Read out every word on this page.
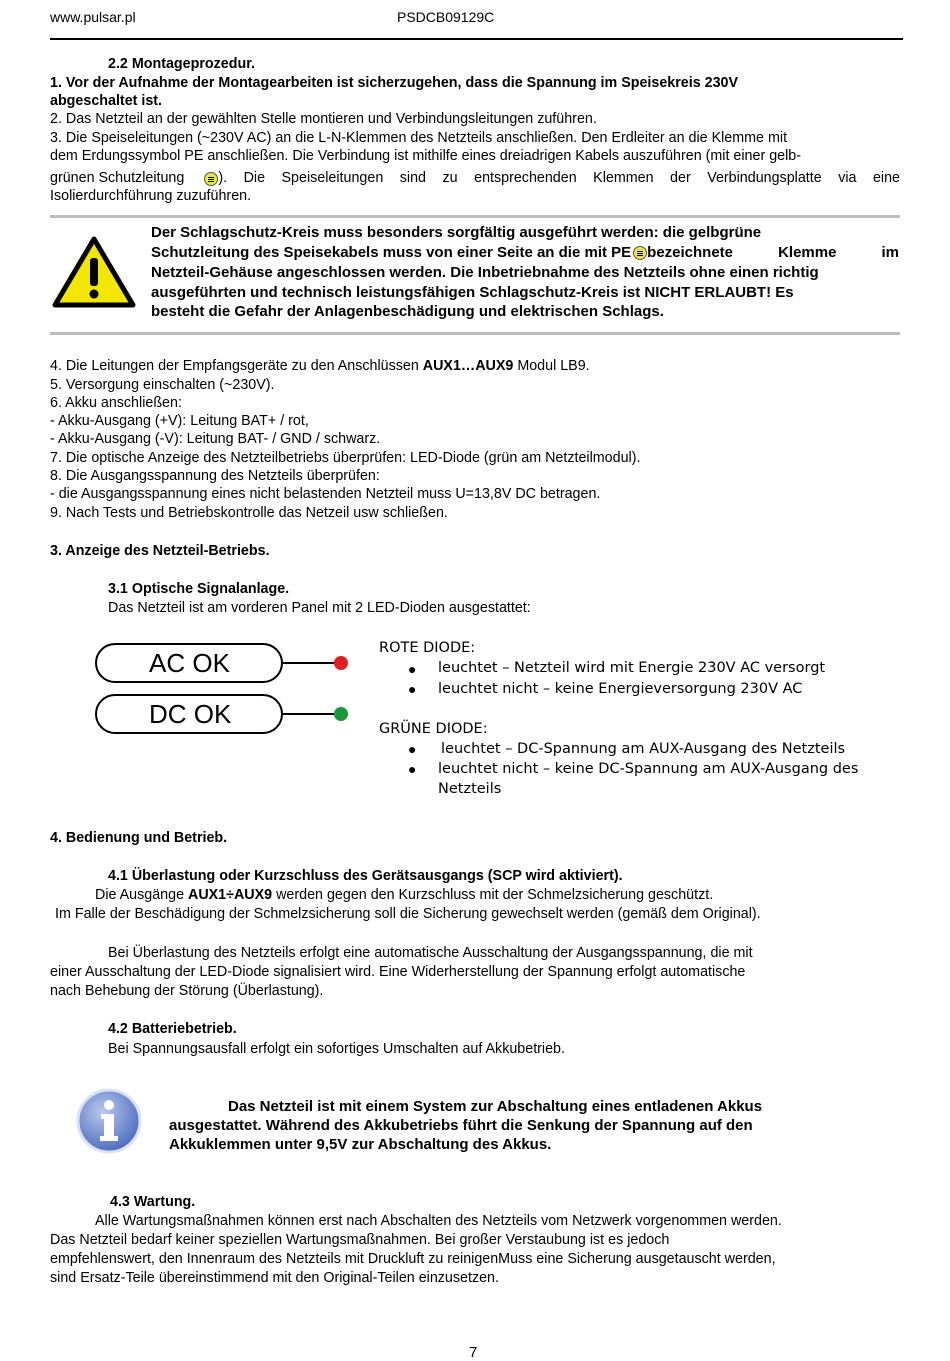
www.pulsar.pl	PSDCB09129C
2.2 Montageprozedur.
1. Vor der Aufnahme der Montagearbeiten ist sicherzugehen, dass die Spannung im Speisekreis 230V
abgeschaltet ist.
2. Das Netzteil an der gewählten Stelle montieren und Verbindungsleitungen zuführen.
3. Die Speiseleitungen (~230V AC) an die L-N-Klemmen des Netzteils anschließen. Den Erdleiter an die Klemme mit
dem Erdungssymbol PE anschließen. Die Verbindung ist mithilfe eines dreiadrigen Kabels auszuführen (mit einer gelb-
grünen Schutzleitung ). Die Speiseleitungen sind zu entsprechenden Klemmen der Verbindungsplatte via eine
Isolierdurchführung zuzuführen.
Der Schlagschutz-Kreis muss besonders sorgfältig ausgeführt werden: die gelbgrüne
Schutzleitung des Speisekabels muss von einer Seite an die mit PE bezeichnete Klemme im
Netzteil-Gehäuse angeschlossen werden. Die Inbetriebnahme des Netzteils ohne einen richtig
ausgeführten und technisch leistungsfähigen Schlagschutz-Kreis ist NICHT ERLAUBT! Es
besteht die Gefahr der Anlagenbeschädigung und elektrischen Schlags.
4. Die Leitungen der Empfangsgeräte zu den Anschlüssen AUX1…AUX9 Modul LB9.
5. Versorgung einschalten (~230V).
6. Akku anschließen:
- Akku-Ausgang (+V): Leitung BAT+ / rot,
- Akku-Ausgang (-V): Leitung BAT- / GND / schwarz.
7. Die optische Anzeige des Netzteilbetriebs überprüfen: LED-Diode (grün am Netzteilmodul).
8. Die Ausgangsspannung des Netzteils überprüfen:
- die Ausgangsspannung eines nicht belastenden Netzteil muss U=13,8V DC betragen.
9. Nach Tests und Betriebskontrolle das Netzeil usw schließen.
3. Anzeige des Netzteil-Betriebs.
3.1 Optische Signalanlage.
Das Netzteil ist am vorderen Panel mit 2 LED-Dioden ausgestattet:
AC OK
DC OK
ROTE DIODE:
● leuchtet – Netzteil wird mit Energie 230V AC versorgt
● leuchtet nicht – keine Energieversorgung 230V AC
GRÜNE DIODE:
● leuchtet – DC-Spannung am AUX-Ausgang des Netzteils
● leuchtet nicht – keine DC-Spannung am AUX-Ausgang des
Netzteils
4. Bedienung und Betrieb.
4.1 Überlastung oder Kurzschluss des Gerätsausgangs (SCP wird aktiviert).
Die Ausgänge AUX1÷AUX9 werden gegen den Kurzschluss mit der Schmelzsicherung geschützt.
Im Falle der Beschädigung der Schmelzsicherung soll die Sicherung gewechselt werden (gemäß dem Original).
Bei Überlastung des Netzteils erfolgt eine automatische Ausschaltung der Ausgangsspannung, die mit
einer Ausschaltung der LED-Diode signalisiert wird. Eine Widerherstellung der Spannung erfolgt automatische
nach Behebung der Störung (Überlastung).
4.2 Batteriebetrieb.
Bei Spannungsausfall erfolgt ein sofortiges Umschalten auf Akkubetrieb.
Das Netzteil ist mit einem System zur Abschaltung eines entladenen Akkus
ausgestattet. Während des Akkubetriebs führt die Senkung der Spannung auf den
Akkuklemmen unter 9,5V zur Abschaltung des Akkus.
4.3 Wartung.
Alle Wartungsmaßnahmen können erst nach Abschalten des Netzteils vom Netzwerk vorgenommen werden.
Das Netzteil bedarf keiner speziellen Wartungsmaßnahmen. Bei großer Verstaubung ist es jedoch
empfehlenswert, den Innenraum des Netzteils mit Druckluft zu reinigenMuss eine Sicherung ausgetauscht werden,
sind Ersatz-Teile übereinstimmend mit den Original-Teilen einzusetzen.
7
